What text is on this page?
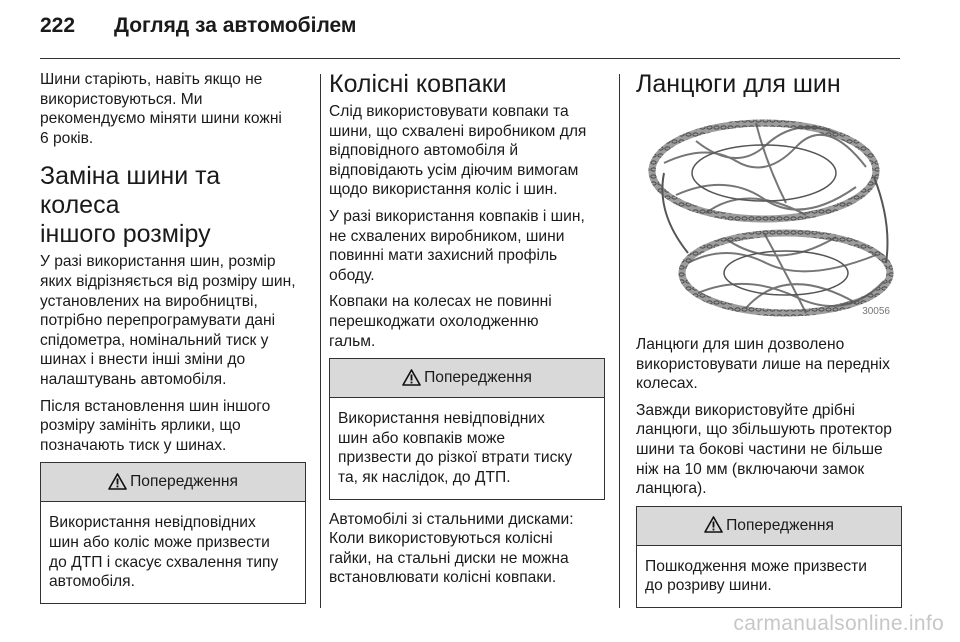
222 Догляд за автомобілем

Шини старіють, навіть якщо не
використовуються. Ми
рекомендуємо міняти шини кожні
6 років.

Заміна шини та колеса
іншого розміру

У разі використання шин, розмір
яких відрізняється від розміру шин,
установлених на виробництві,
потрібно перепрограмувати дані
спідометра, номінальний тиск у
шинах і внести інші зміни до
налаштувань автомобіля.

Після встановлення шин іншого
розміру замініть ярлики, що
позначають тиск у шинах.

Попередження

Використання невідповідних
шин або коліс може призвести
до ДТП і скасує схвалення типу
автомобіля.

Колісні ковпаки

Слід використовувати ковпаки та
шини, що схвалені виробником для
відповідного автомобіля й
відповідають усім діючим вимогам
щодо використання коліс і шин.

У разі використання ковпаків і шин,
не схвалених виробником, шини
повинні мати захисний профіль
ободу.

Ковпаки на колесах не повинні
перешкоджати охолодженню
гальм.

Попередження

Використання невідповідних
шин або ковпаків може
призвести до різкої втрати тиску
та, як наслідок, до ДТП.

Автомобілі зі стальними дисками:
Коли використовуються колісні
гайки, на стальні диски не можна
встановлювати колісні ковпаки.

Ланцюги для шин
30056

Ланцюги для шин дозволено
використовувати лише на передніх
колесах.

Завжди використовуйте дрібні
ланцюги, що збільшують протектор
шини та бокові частини не більше
ніж на 10 мм (включаючи замок
ланцюга).

Попередження

Пошкодження може призвести
до розриву шини.

carmanualsonline.info
